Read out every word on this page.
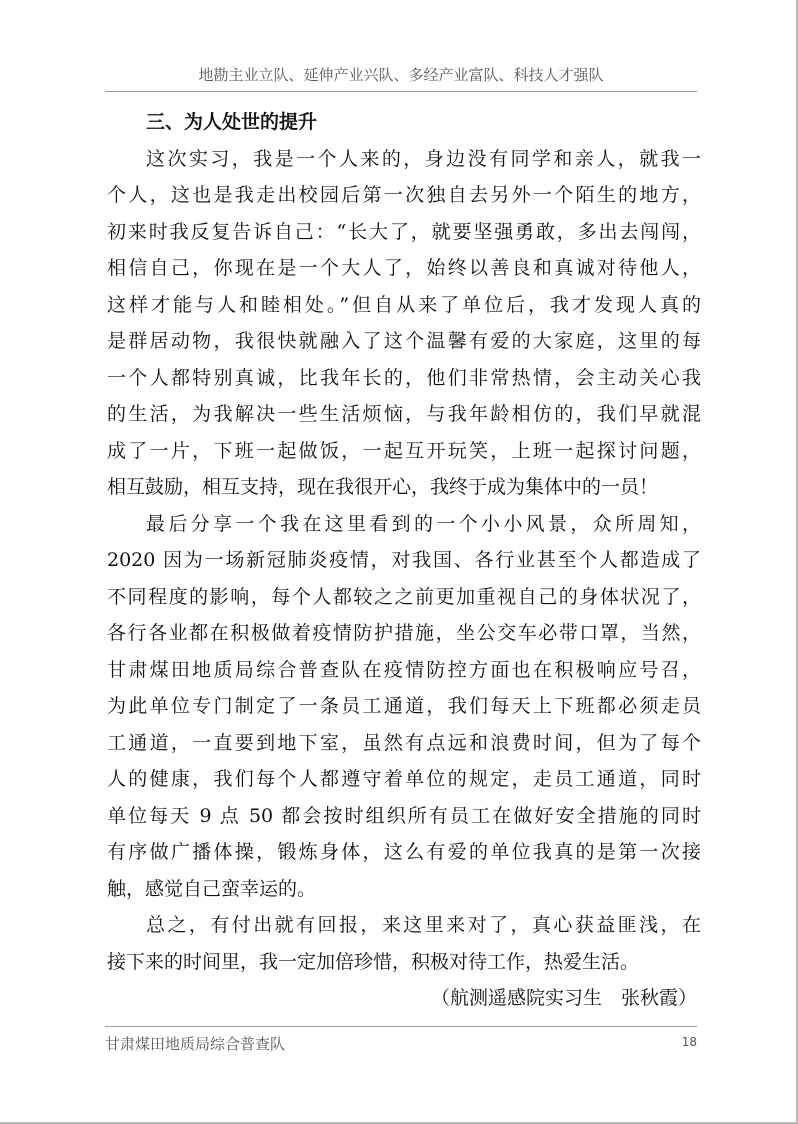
地勘主业立队、延伸产业兴队、多经产业富队、科技人才强队
三、为人处世的提升
这次实习，我是一个人来的，身边没有同学和亲人，就我一
个人，这也是我走出校园后第一次独自去另外一个陌生的地方，
初来时我反复告诉自己：“长大了，就要坚强勇敢，多出去闯闯，
相信自己，你现在是一个大人了，始终以善良和真诚对待他人，
这样才能与人和睦相处。”但自从来了单位后，我才发现人真的
是群居动物，我很快就融入了这个温馨有爱的大家庭，这里的每
一个人都特别真诚，比我年长的，他们非常热情，会主动关心我
的生活，为我解决一些生活烦恼，与我年龄相仿的，我们早就混
成了一片，下班一起做饭，一起互开玩笑，上班一起探讨问题，
相互鼓励，相互支持，现在我很开心，我终于成为集体中的一员！
最后分享一个我在这里看到的一个小小风景，众所周知，
2020 因为一场新冠肺炎疫情，对我国、各行业甚至个人都造成了
不同程度的影响，每个人都较之之前更加重视自己的身体状况了，
各行各业都在积极做着疫情防护措施，坐公交车必带口罩，当然，
甘肃煤田地质局综合普查队在疫情防控方面也在积极响应号召，
为此单位专门制定了一条员工通道，我们每天上下班都必须走员
工通道，一直要到地下室，虽然有点远和浪费时间，但为了每个
人的健康，我们每个人都遵守着单位的规定，走员工通道，同时
单位每天 9 点 50 都会按时组织所有员工在做好安全措施的同时
有序做广播体操，锻炼身体，这么有爱的单位我真的是第一次接
触，感觉自己蛮幸运的。
总之，有付出就有回报，来这里来对了，真心获益匪浅，在
接下来的时间里，我一定加倍珍惜，积极对待工作，热爱生活。
（航测遥感院实习生　张秋霞）
甘肃煤田地质局综合普查队	18
